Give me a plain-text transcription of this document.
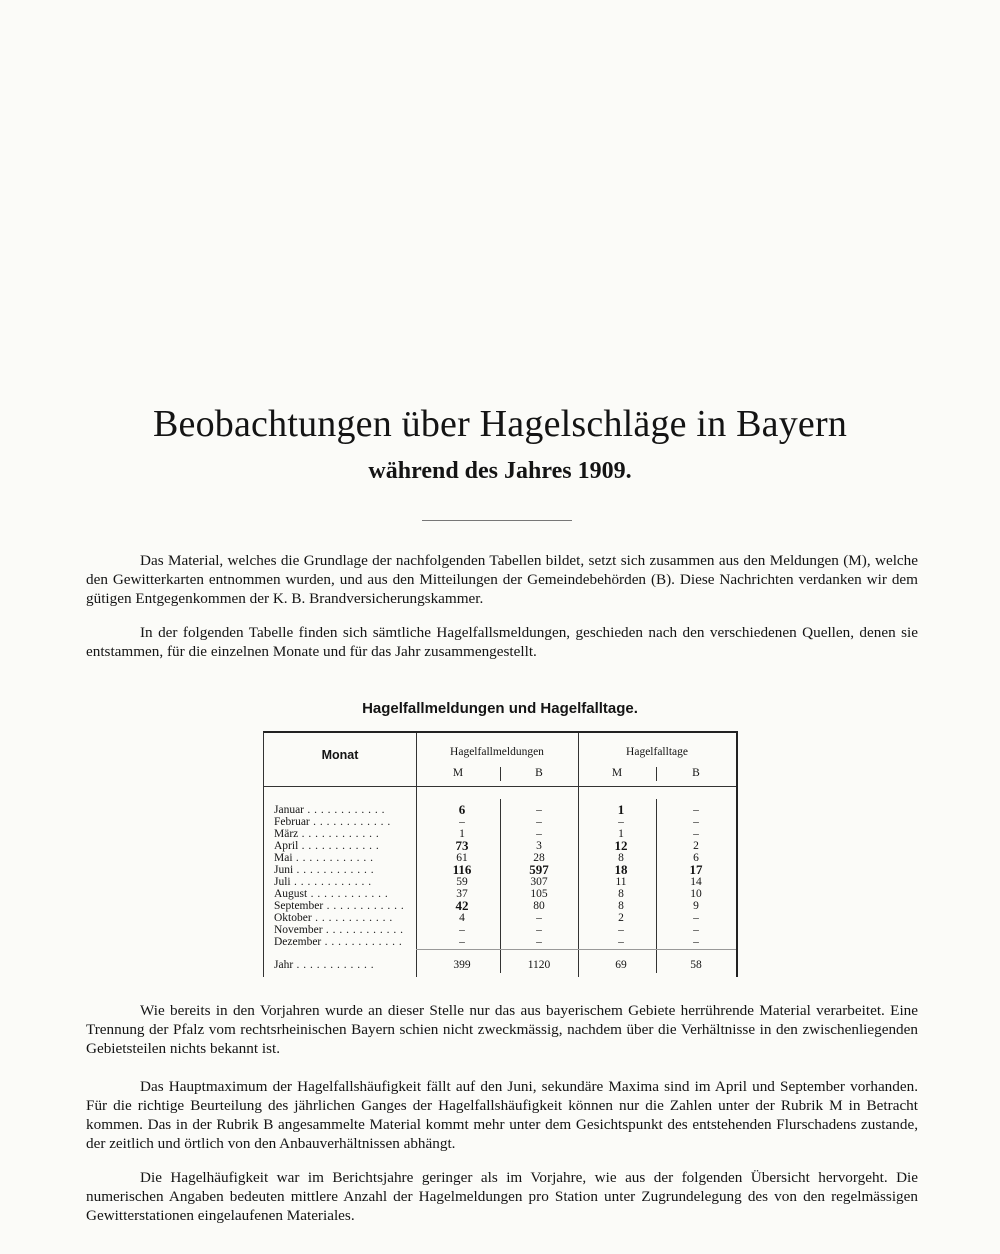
Beobachtungen über Hagelschläge in Bayern
während des Jahres 1909.

Das Material, welches die Grundlage der nachfolgenden Tabellen bildet, setzt sich zusammen aus den Meldungen (M), welche den Gewitterkarten entnommen wurden, und aus den Mitteilungen der Gemeindebehörden (B). Diese Nachrichten verdanken wir dem gütigen Entgegenkommen der K. B. Brandversicherungskammer.

In der folgenden Tabelle finden sich sämtliche Hagelfallsmeldungen, geschieden nach den verschiedenen Quellen, denen sie entstammen, für die einzelnen Monate und für das Jahr zusammengestellt.

Hagelfallmeldungen und Hagelfalltage.
Monat	Hagelfallmeldungen	Hagelfalltage
M	B	M	B
Januar . . .	6	–	1	–
Februar . . .	–	–	–	–
März . . .	1	–	1	–
April . . .	73	3	12	2
Mai . . .	61	28	8	6
Juni . . .	116	597	18	17
Juli . . .	59	307	11	14
August . . .	37	105	8	10
September . . .	42	80	8	9
Oktober . . .	4	–	2	–
November . . .	–	–	–	–
Dezember . . .	–	–	–	–
Jahr . . .	399	1120	69	58

Wie bereits in den Vorjahren wurde an dieser Stelle nur das aus bayerischem Gebiete herrührende Material verarbeitet. Eine Trennung der Pfalz vom rechtsrheinischen Bayern schien nicht zweckmässig, nachdem über die Verhältnisse in den zwischenliegenden Gebietsteilen nichts bekannt ist.

Das Hauptmaximum der Hagelfallshäufigkeit fällt auf den Juni, sekundäre Maxima sind im April und September vorhanden. Für die richtige Beurteilung des jährlichen Ganges der Hagelfallshäufigkeit können nur die Zahlen unter der Rubrik M in Betracht kommen. Das in der Rubrik B angesammelte Material kommt mehr unter dem Gesichtspunkt des entstehenden Flurschadens zustande, der zeitlich und örtlich von den Anbauverhältnissen abhängt.

Die Hagelhäufigkeit war im Berichtsjahre geringer als im Vorjahre, wie aus der folgenden Übersicht hervorgeht. Die numerischen Angaben bedeuten mittlere Anzahl der Hagelmeldungen pro Station unter Zugrundelegung des von den regelmässigen Gewitterstationen eingelaufenen Materiales.
